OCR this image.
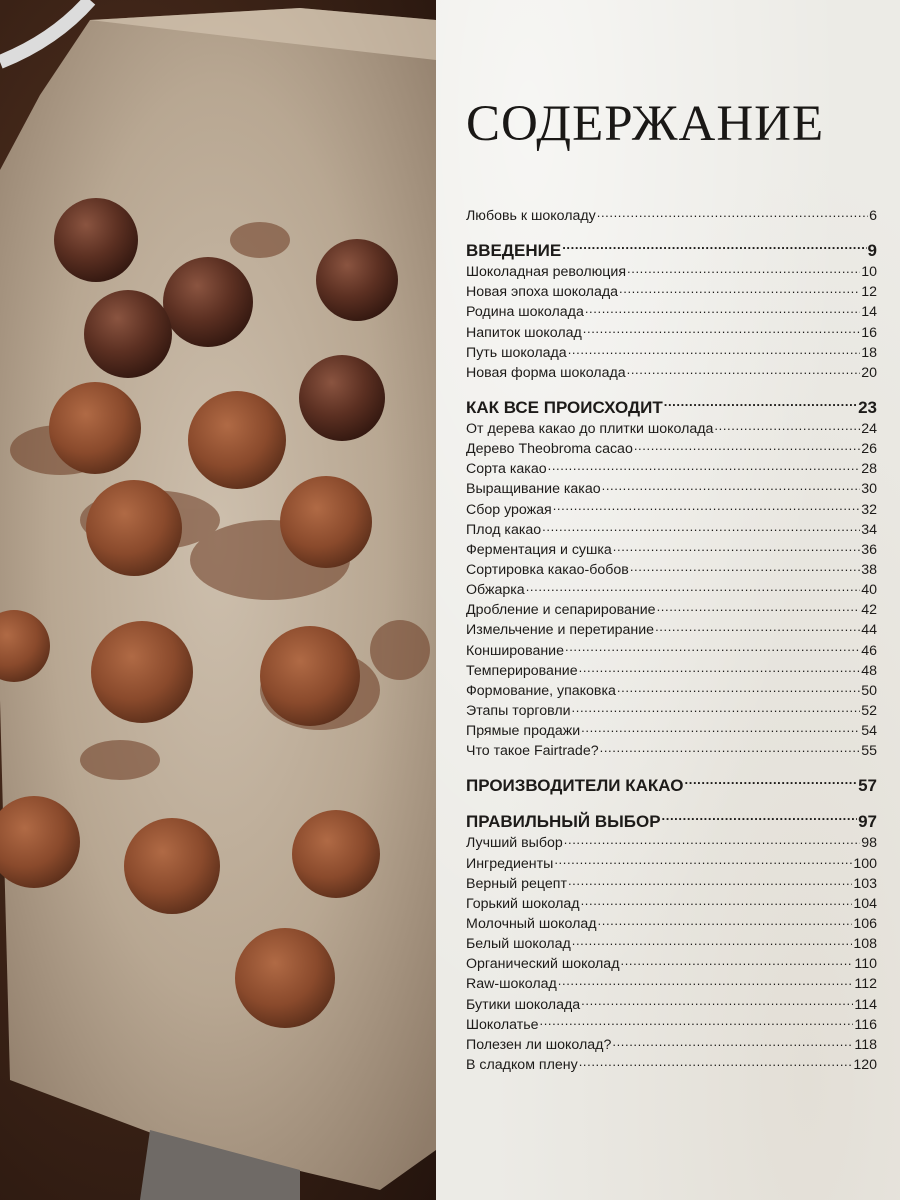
СОДЕРЖАНИЕ
Любовь к шоколаду .....	6
ВВЕДЕНИЕ .....	9
Шоколадная революция .....	10
Новая эпоха шоколада .....	12
Родина шоколада .....	14
Напиток шоколад .....	16
Путь шоколада .....	18
Новая форма шоколада .....	20
КАК ВСЕ ПРОИСХОДИТ .....	23
От дерева какао до плитки шоколада .....	24
Дерево Theobroma cacao .....	26
Сорта какао .....	28
Выращивание какао .....	30
Сбор урожая .....	32
Плод какао .....	34
Ферментация и сушка .....	36
Сортировка какао-бобов .....	38
Обжарка .....	40
Дробление и сепарирование .....	42
Измельчение и перетирание .....	44
Конширование .....	46
Темперирование .....	48
Формование, упаковка .....	50
Этапы торговли .....	52
Прямые продажи .....	54
Что такое Fairtrade? .....	55
ПРОИЗВОДИТЕЛИ КАКАО .....	57
ПРАВИЛЬНЫЙ ВЫБОР .....	97
Лучший выбор .....	98
Ингредиенты .....	100
Верный рецепт .....	103
Горький шоколад .....	104
Молочный шоколад .....	106
Белый шоколад .....	108
Органический шоколад .....	110
Raw-шоколад .....	112
Бутики шоколада .....	114
Шоколатье .....	116
Полезен ли шоколад? .....	118
В сладком плену .....	120
